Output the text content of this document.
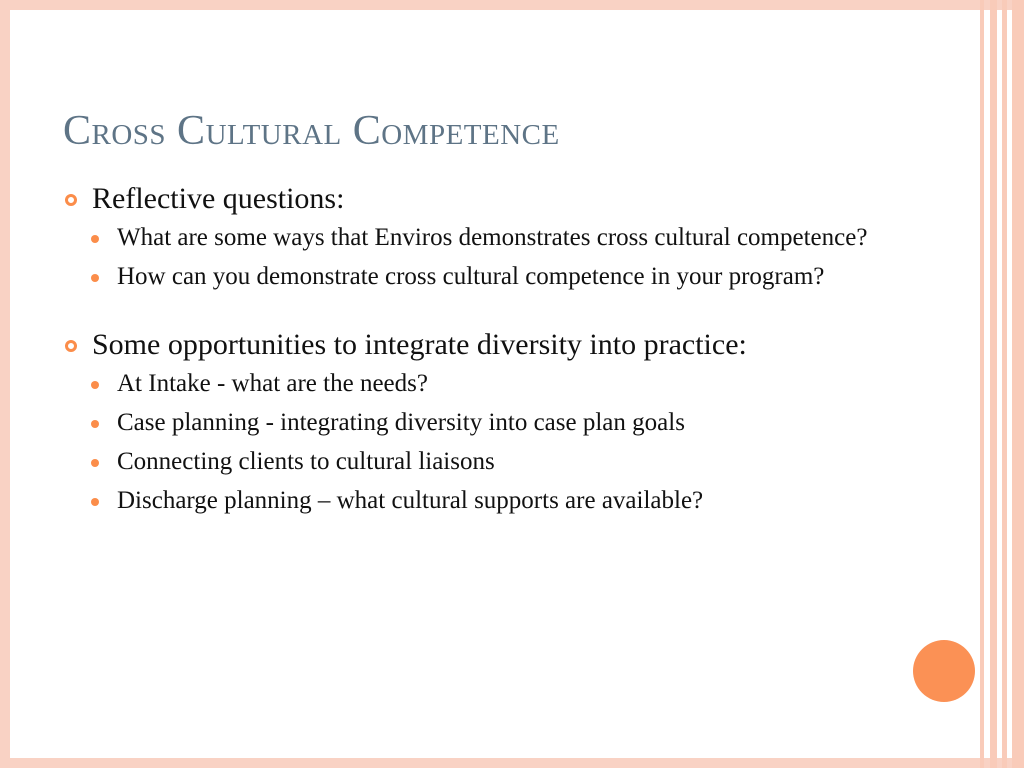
Cross Cultural Competence
Reflective questions:
What are some ways that Enviros demonstrates cross cultural competence?
How can you demonstrate cross cultural competence in your program?
Some opportunities to integrate diversity into practice:
At Intake - what are the needs?
Case planning - integrating diversity into case plan goals
Connecting clients to cultural liaisons
Discharge planning – what cultural supports are available?
